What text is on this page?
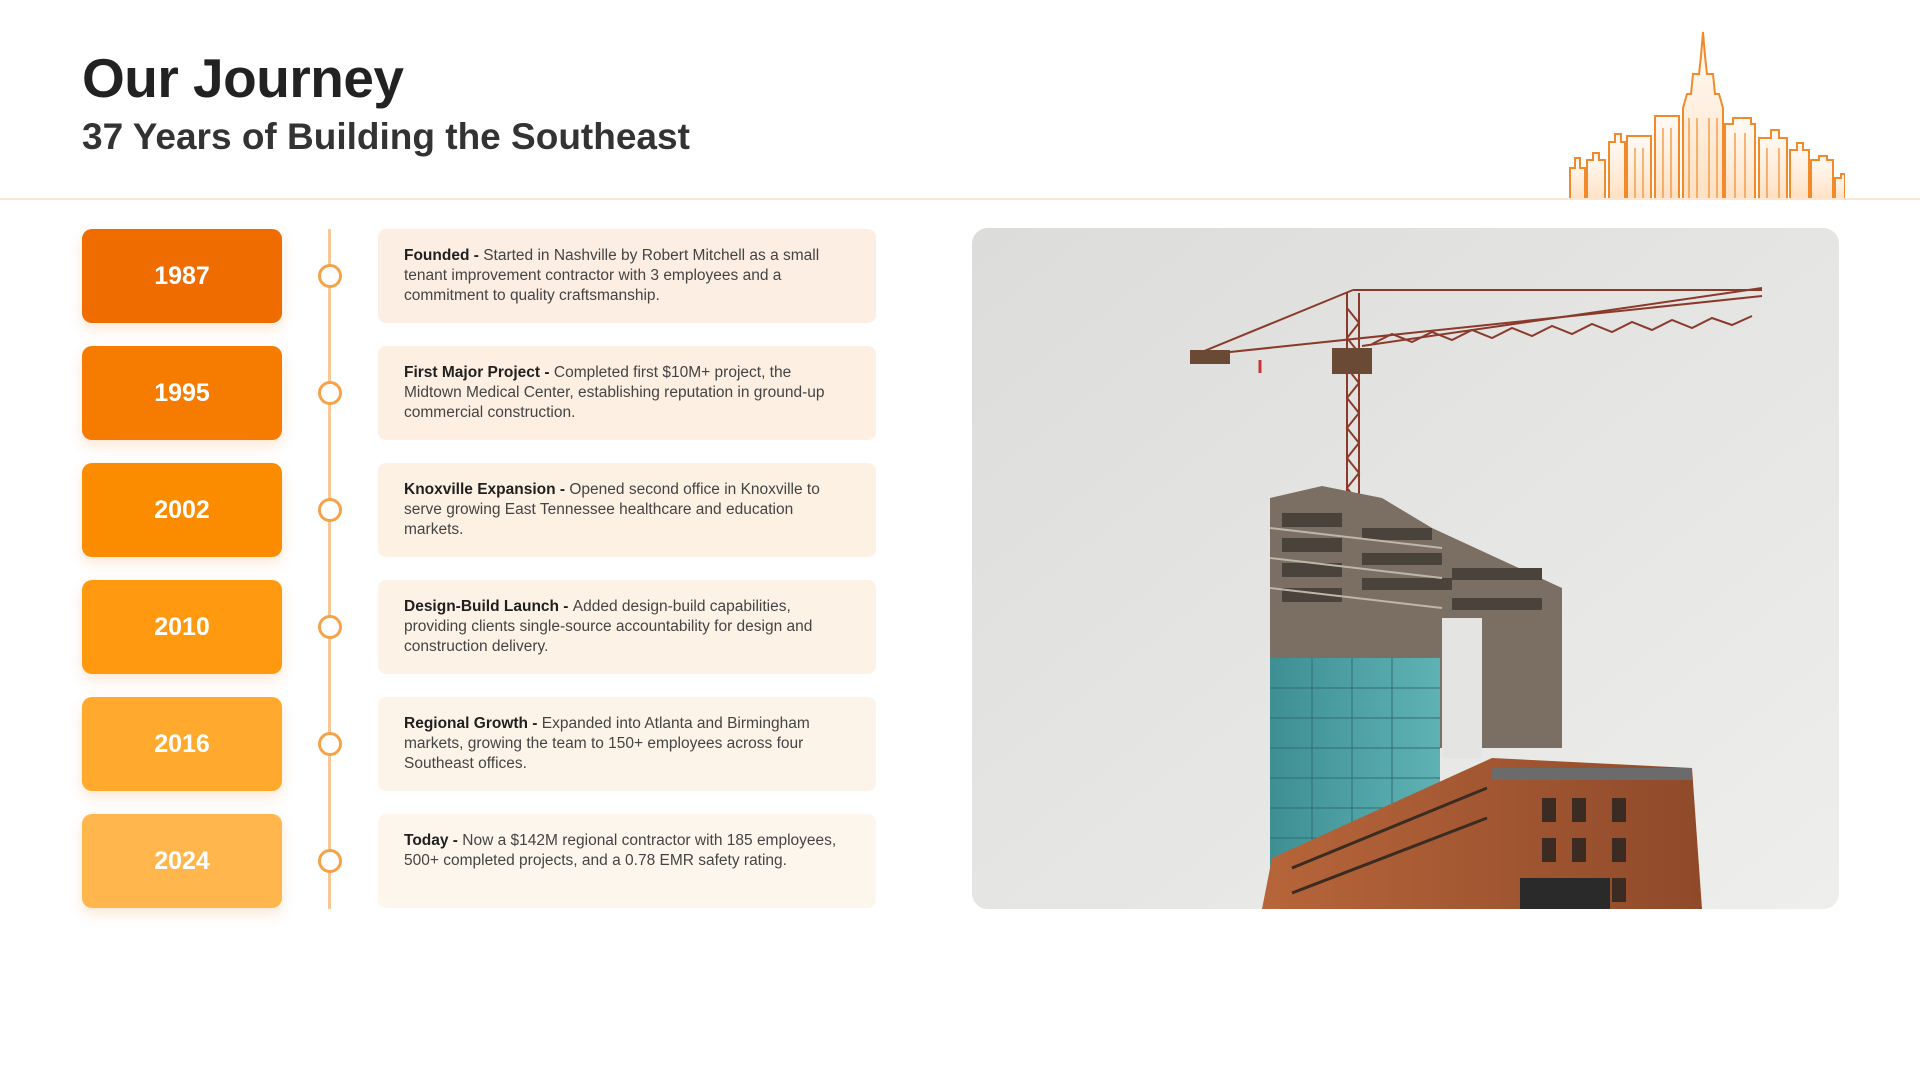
Our Journey
37 Years of Building the Southeast
1987
Founded - Started in Nashville by Robert Mitchell as a small tenant improvement contractor with 3 employees and a commitment to quality craftsmanship.
1995
First Major Project - Completed first $10M+ project, the Midtown Medical Center, establishing reputation in ground-up commercial construction.
2002
Knoxville Expansion - Opened second office in Knoxville to serve growing East Tennessee healthcare and education markets.
2010
Design-Build Launch - Added design-build capabilities, providing clients single-source accountability for design and construction delivery.
2016
Regional Growth - Expanded into Atlanta and Birmingham markets, growing the team to 150+ employees across four Southeast offices.
2024
Today - Now a $142M regional contractor with 185 employees, 500+ completed projects, and a 0.78 EMR safety rating.
